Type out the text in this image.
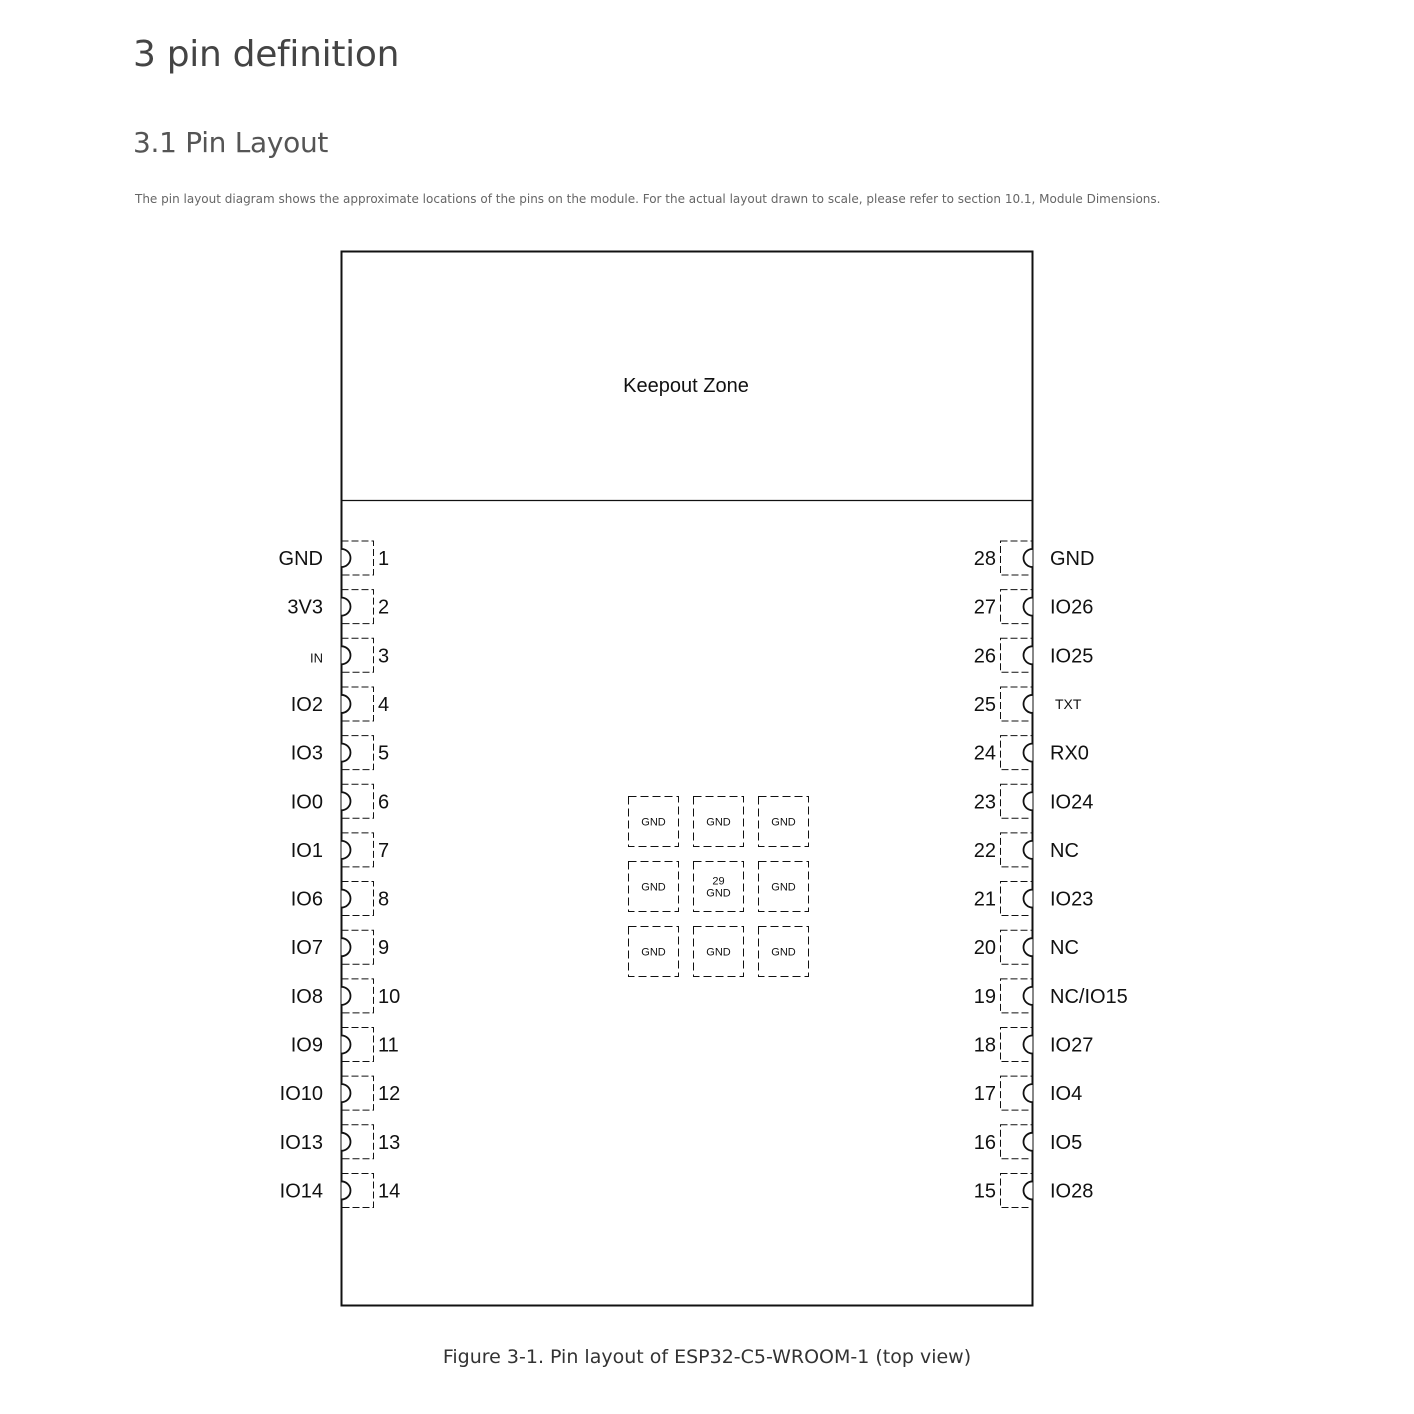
3 pin definition
3.1 Pin Layout

The pin layout diagram shows the approximate locations of the pins on the module. For the actual layout drawn to scale, please refer to section 10.1, Module Dimensions.

Keepout Zone
GND	1
3V3	2
IN	3
IO2	4
IO3	5
IO0	6
IO1	7
IO6	8
IO7	9
IO8	10
IO9	11
IO10	12
IO13	13
IO14	14
28	GND
27	IO26
26	IO25
25	TXT
24	RX0
23	IO24
22	NC
21	IO23
20	NC
19	NC/IO15
18	IO27
17	IO4
16	IO5
15	IO28
GND	GND	GND
GND	29
GND	GND
GND	GND	GND
Figure 3-1. Pin layout of ESP32-C5-WROOM-1 (top view)
